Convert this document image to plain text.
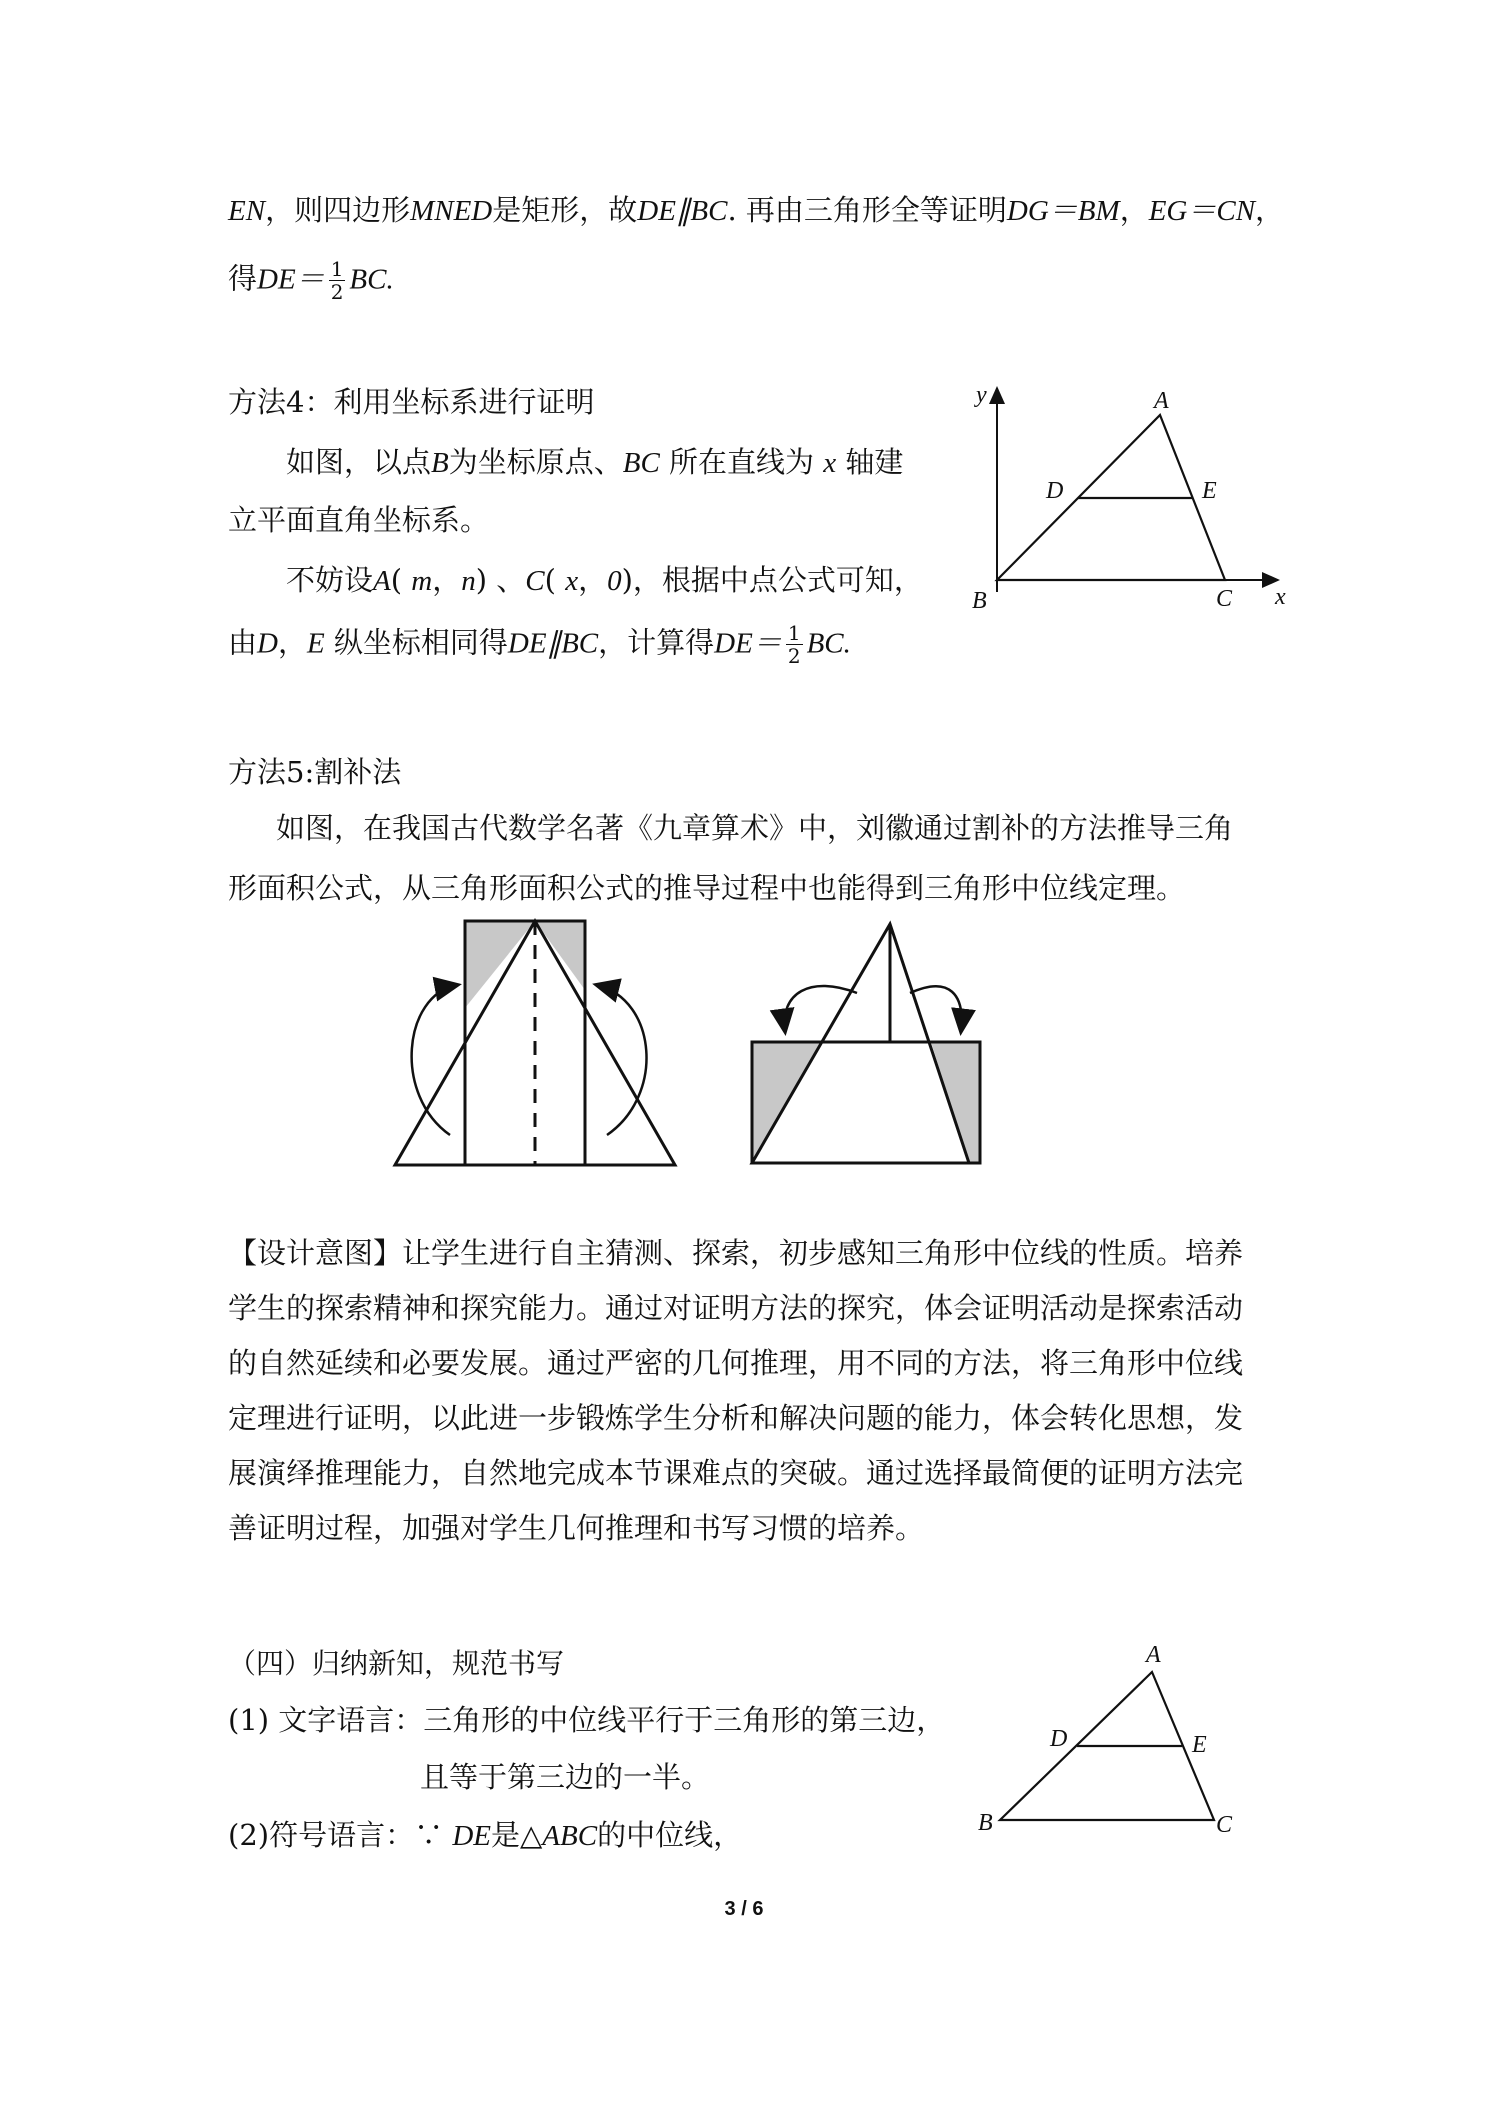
EN，则四边形MNED是矩形，故DE∥BC. 再由三角形全等证明DG＝BM，EG＝CN，
得$DE= \frac{1}{2}$ BC.
方法4：利用坐标系进行证明
如图，以点B为坐标原点、BC 所在直线为 x 轴建
立平面直角坐标系。
不妨设A( m，n) 、C( x，0)，根据中点公式可知，
由D，E 纵坐标相同得DE∥BC，计算得$DE= \frac{1}{2}$ BC.
y	A
D	E
B	C x
方法5:割补法
如图，在我国古代数学名著《九章算术》中，刘徽通过割补的方法推导三角
形面积公式，从三角形面积公式的推导过程中也能得到三角形中位线定理。
【设计意图】让学生进行自主猜测、探索，初步感知三角形中位线的性质。培养学生的探索精神和探究能力。通过对证明方法的探究，体会证明活动是探索活动的自然延续和必要发展。通过严密的几何推理，用不同的方法，将三角形中位线定理进行证明，以此进一步锻炼学生分析和解决问题的能力，体会转化思想，发展演绎推理能力，自然地完成本节课难点的突破。通过选择最简便的证明方法完善证明过程，加强对学生几何推理和书写习惯的培养。
（四）归纳新知，规范书写
(1) 文字语言：三角形的中位线平行于三角形的第三边，
且等于第三边的一半。
(2)符号语言：∵ DE是△ABC的中位线，
A
D	E
B	C
3 / 6
